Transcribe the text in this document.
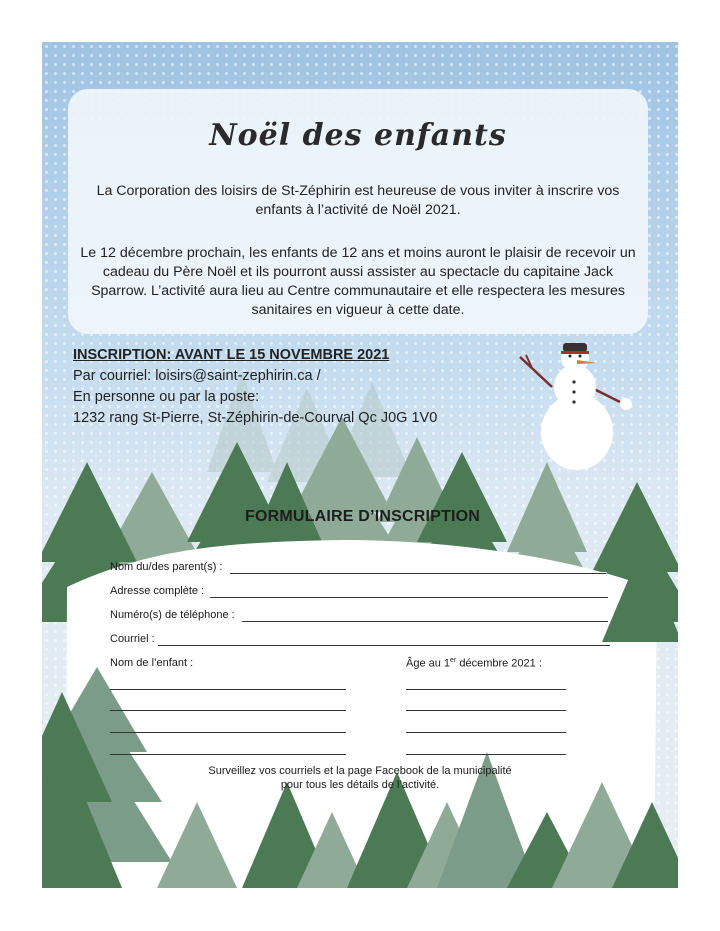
Noël des enfants

La Corporation des loisirs de St-Zéphirin est heureuse de vous inviter à inscrire vos enfants à l’activité de Noël 2021.

Le 12 décembre prochain, les enfants de 12 ans et moins auront le plaisir de recevoir un cadeau du Père Noël et ils pourront aussi assister au spectacle du capitaine Jack Sparrow. L’activité aura lieu au Centre communautaire et elle respectera les mesures sanitaires en vigueur à cette date.

INSCRIPTION: AVANT LE 15 NOVEMBRE 2021
Par courriel: loisirs@saint-zephirin.ca /
En personne ou par la poste:
1232 rang St-Pierre, St-Zéphirin-de-Courval Qc J0G 1V0
FORMULAIRE D’INSCRIPTION
Nom du/des parent(s) :
Adresse complète :
Numéro(s) de téléphone :
Courriel :
Nom de l’enfant :	Âge au 1er décembre 2021 :
Surveillez vos courriels et la page Facebook de la municipalité
pour tous les détails de l’activité.
